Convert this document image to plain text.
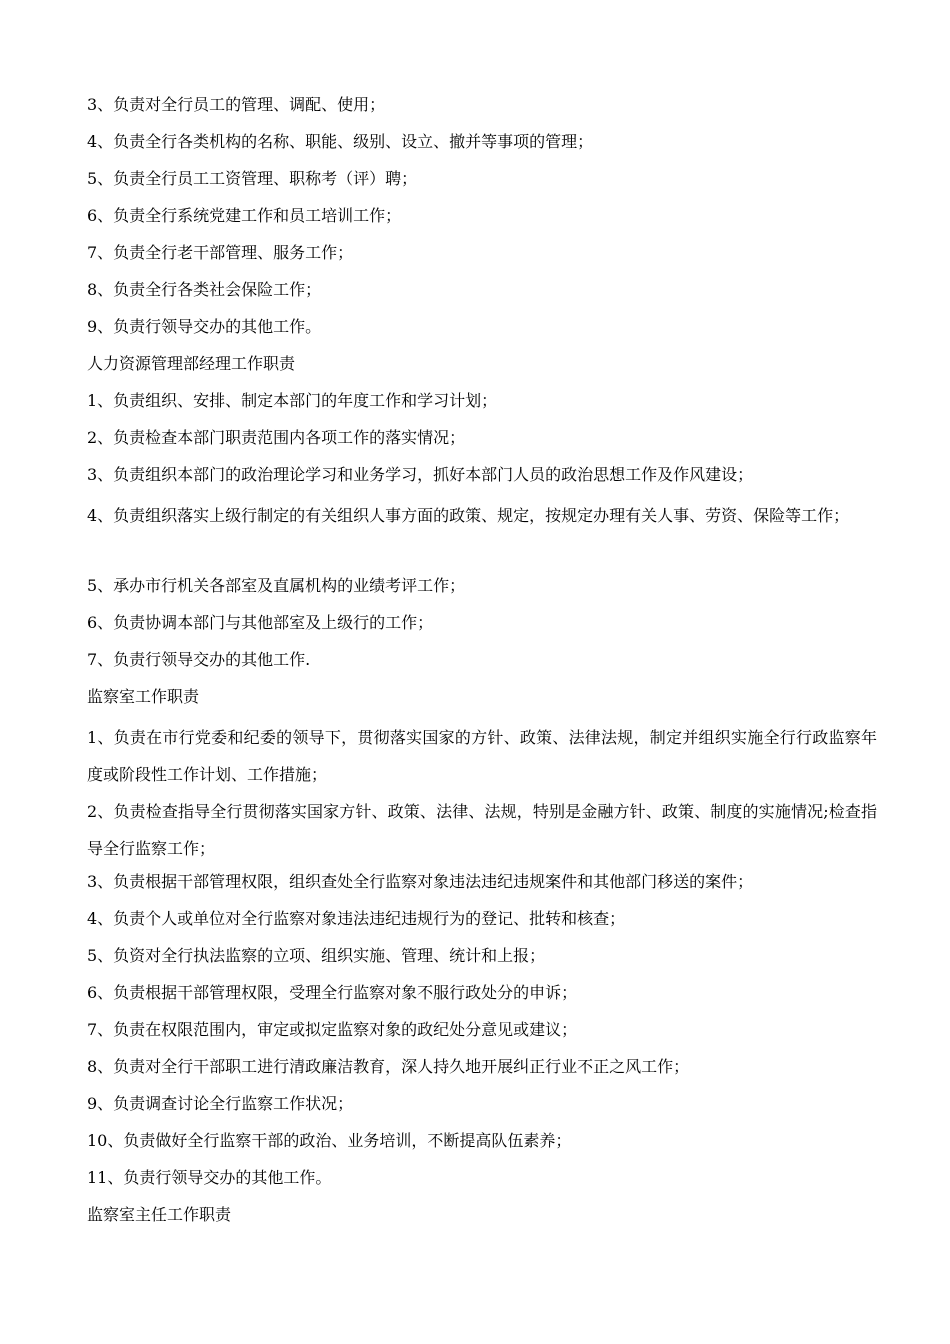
3、负责对全行员工的管理、调配、使用；
4、负责全行各类机构的名称、职能、级别、设立、撤并等事项的管理；
5、负责全行员工工资管理、职称考（评）聘；
6、负责全行系统党建工作和员工培训工作；
7、负责全行老干部管理、服务工作；
8、负责全行各类社会保险工作；
9、负责行领导交办的其他工作。
人力资源管理部经理工作职责
1、负责组织、安排、制定本部门的年度工作和学习计划；
2、负责检查本部门职责范围内各项工作的落实情况；
3、负责组织本部门的政治理论学习和业务学习，抓好本部门人员的政治思想工作及作风建设；
4、负责组织落实上级行制定的有关组织人事方面的政策、规定，按规定办理有关人事、劳资、保险等工作；
5、承办市行机关各部室及直属机构的业绩考评工作；
6、负责协调本部门与其他部室及上级行的工作；
7、负责行领导交办的其他工作.
监察室工作职责
1、负责在市行党委和纪委的领导下，贯彻落实国家的方针、政策、法律法规，制定并组织实施全行行政监察年度或阶段性工作计划、工作措施；
2、负责检查指导全行贯彻落实国家方针、政策、法律、法规，特别是金融方针、政策、制度的实施情况;检查指导全行监察工作；
3、负责根据干部管理权限，组织查处全行监察对象违法违纪违规案件和其他部门移送的案件；
4、负责个人或单位对全行监察对象违法违纪违规行为的登记、批转和核查；
5、负资对全行执法监察的立项、组织实施、管理、统计和上报；
6、负责根据干部管理权限，受理全行监察对象不服行政处分的申诉；
7、负责在权限范围内，审定或拟定监察对象的政纪处分意见或建议；
8、负责对全行干部职工进行清政廉洁教育，深人持久地开展纠正行业不正之风工作；
9、负责调查讨论全行监察工作状况；
10、负责做好全行监察干部的政治、业务培训，不断提高队伍素养；
11、负责行领导交办的其他工作。
监察室主任工作职责
